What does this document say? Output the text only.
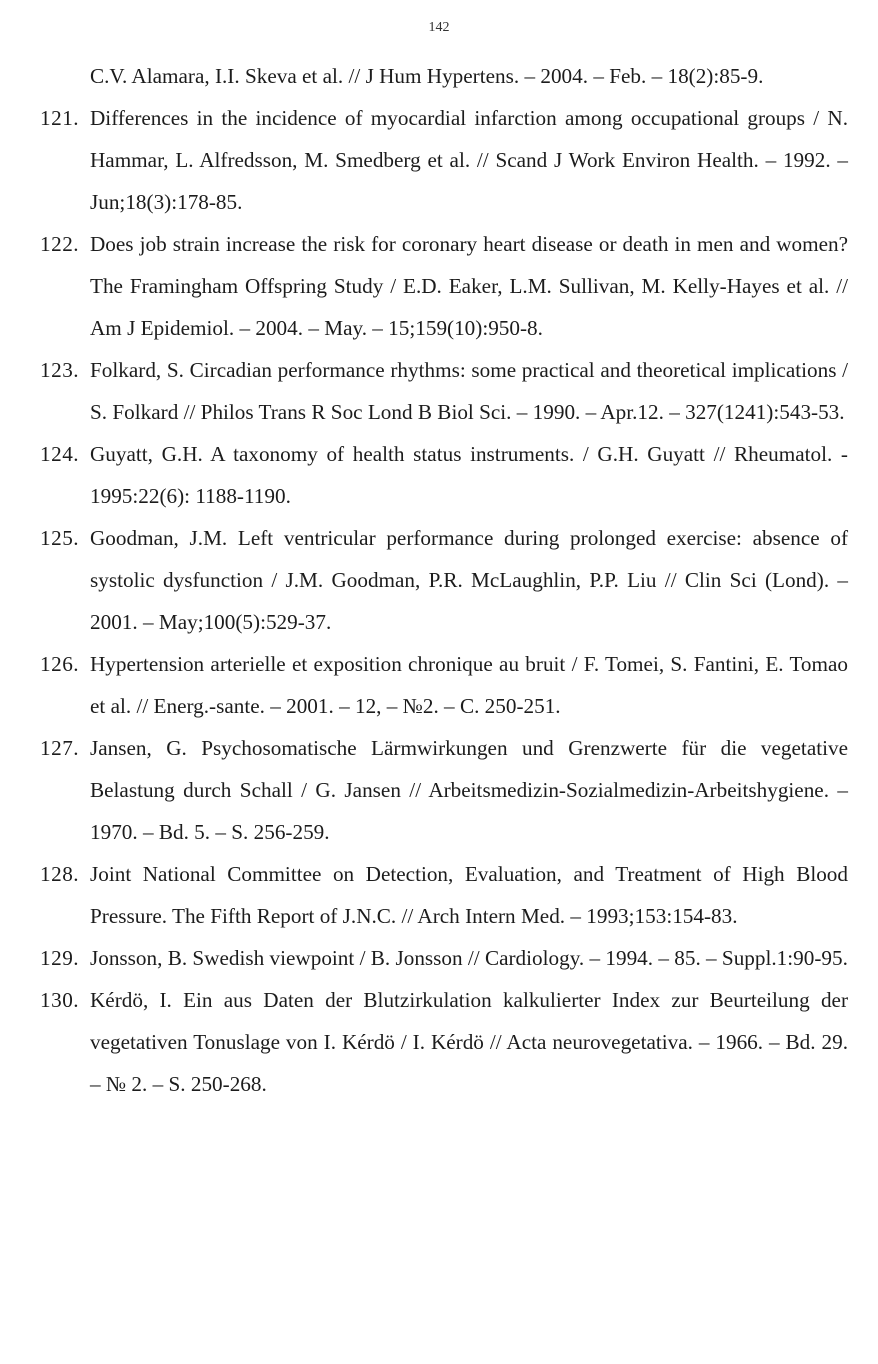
142

C.V. Alamara, I.I. Skeva et al. // J Hum Hypertens. – 2004. – Feb. – 18(2):85-9.

121. Differences in the incidence of myocardial infarction among occupational groups / N. Hammar, L. Alfredsson, M. Smedberg et al. // Scand J Work Environ Health. – 1992. – Jun;18(3):178-85.

122. Does job strain increase the risk for coronary heart disease or death in men and women? The Framingham Offspring Study / E.D. Eaker, L.M. Sullivan, M. Kelly-Hayes et al. // Am J Epidemiol. – 2004. – May. – 15;159(10):950-8.

123. Folkard, S. Circadian performance rhythms: some practical and theoretical implications / S. Folkard // Philos Trans R Soc Lond B Biol Sci. – 1990. – Apr.12. – 327(1241):543-53.

124. Guyatt, G.H. A taxonomy of health status instruments. / G.H. Guyatt // Rheumatol. - 1995:22(6): 1188-1190.

125. Goodman, J.M. Left ventricular performance during prolonged exercise: absence of systolic dysfunction / J.M. Goodman, P.R. McLaughlin, P.P. Liu // Clin Sci (Lond). – 2001. – May;100(5):529-37.

126. Hypertension arterielle et exposition chronique au bruit / F. Tomei, S. Fantini, E. Tomao et al. // Energ.-sante. – 2001. – 12, – №2. – C. 250-251.

127. Jansen, G. Psychosomatische Lärmwirkungen und Grenzwerte für die vegetative Belastung durch Schall / G. Jansen // Arbeitsmedizin-Sozialmedizin-Arbeitshygiene. – 1970. – Bd. 5. – S. 256-259.

128. Joint National Committee on Detection, Evaluation, and Treatment of High Blood Pressure. The Fifth Report of J.N.C. // Arch Intern Med. – 1993;153:154-83.

129. Jonsson, B. Swedish viewpoint / B. Jonsson // Cardiology. – 1994. – 85. – Suppl.1:90-95.

130. Kérdö, I. Ein aus Daten der Blutzirkulation kalkulierter Index zur Beurteilung der vegetativen Tonuslage von I. Kérdö / I. Kérdö // Acta neurovegetativa. – 1966. – Bd. 29. – № 2. – S. 250-268.
